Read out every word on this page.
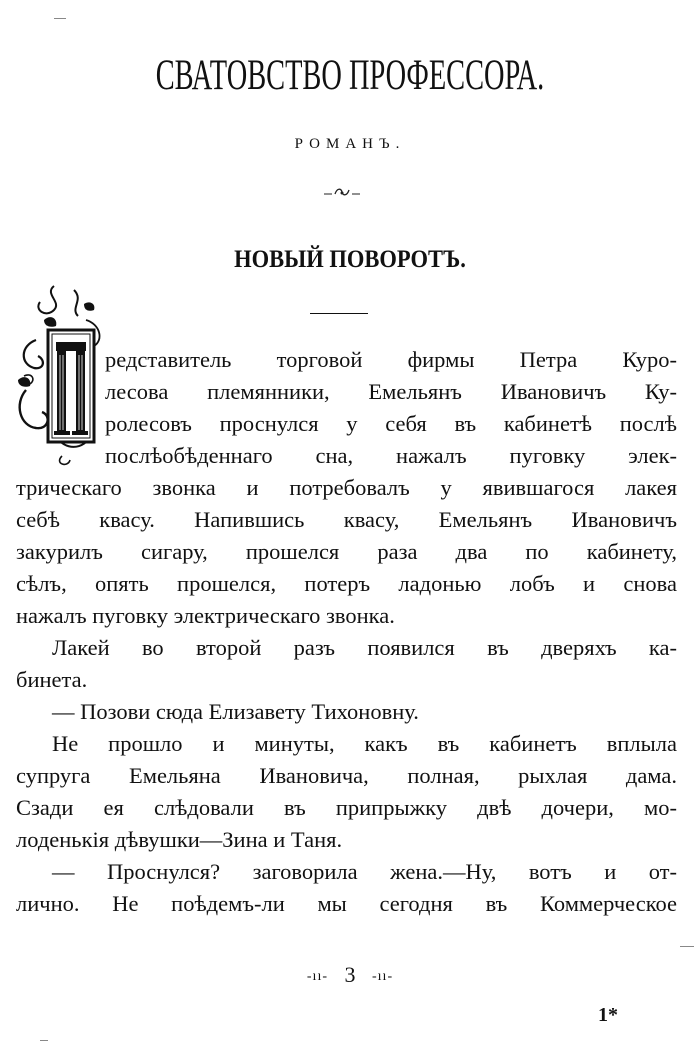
СВАТОВСТВО ПРОФЕССОРА.
РОМАНЪ.
НОВЫЙ ПОВОРОТЪ.
редставитель торговой фирмы Петра Куро-
лесова племянники, Емельянъ Ивановичъ Ку-
ролесовъ проснулся у себя въ кабинетѣ послѣ
послѣобѣденнаго сна, нажалъ пуговку элек-
трическаго звонка и потребовалъ у явившагося лакея
себѣ квасу. Напившись квасу, Емельянъ Ивановичъ
закурилъ сигару, прошелся раза два по кабинету,
сѣлъ, опять прошелся, потеръ ладонью лобъ и снова
нажалъ пуговку электрическаго звонка.
Лакей во второй разъ появился въ дверяхъ ка-
бинета.
— Позови сюда Елизавету Тихоновну.
Не прошло и минуты, какъ въ кабинетъ вплыла
супруга Емельяна Ивановича, полная, рыхлая дама.
Сзади ея слѣдовали въ припрыжку двѣ дочери, мо-
лоденькія дѣвушки—Зина и Таня.
— Проснулся? заговорила жена.—Ну, вотъ и от-
лично. Не поѣдемъ-ли мы сегодня въ Коммерческое
-ıı- 3 -ıı-
1*
